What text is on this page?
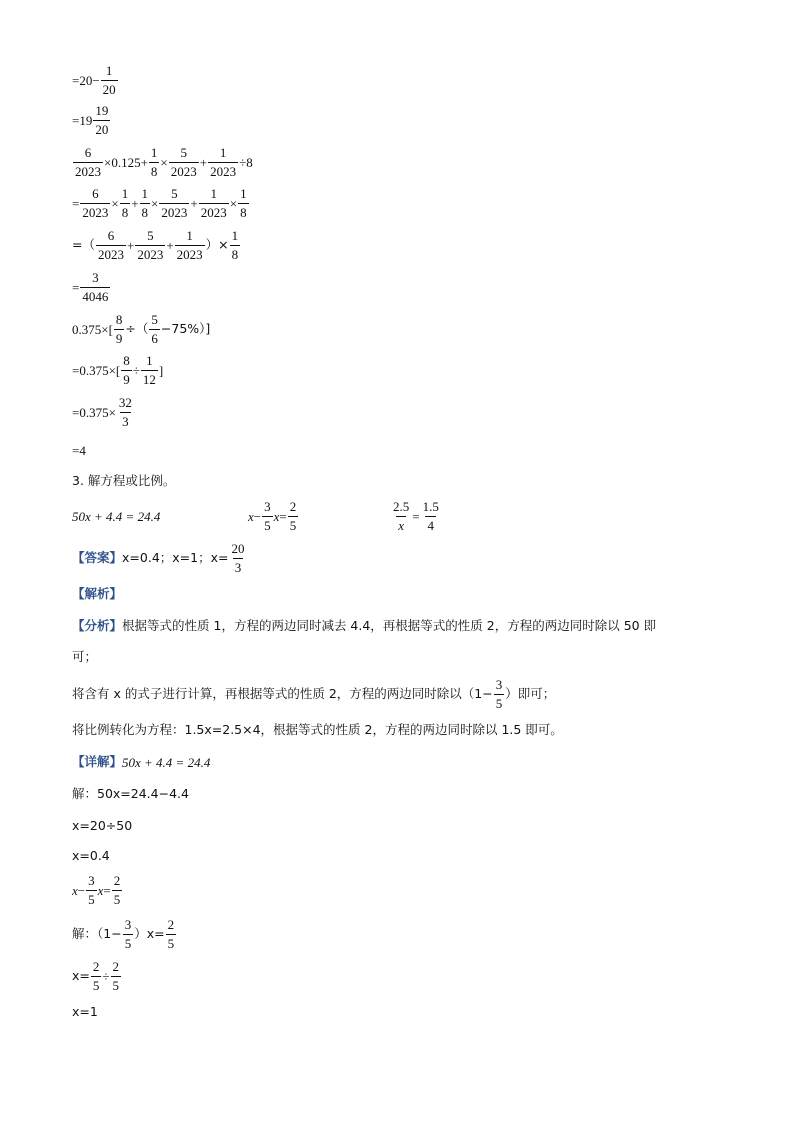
$=20- \frac{1}{20}$
=19
19
20
$\frac{6}{2023} \times 0.125+ \frac{1}{8} \times \frac{5}{2023} + \frac{1}{2023} \div 8$
= $\frac{6}{2023} \times \frac{1}{8} + \frac{1}{8} \times \frac{5}{2023} + \frac{1}{2023} \times \frac{1}{8}$
=（
6
2023
+ $\frac{5}{2023} + \frac{1}{2023}$ ）× $\frac{1}{8}$
= $\frac{3}{4046}$
$0.375\times[ \frac{8}{9}$ ÷（
5
6
−75%）]
$=0.375\times[ \frac{8}{9} \div \frac{1}{12}$ ]
$=0.375\times \frac{32}{3}$
=4
3. 解方程或比例。
50x + 4.4 = 24.4	$x - \frac{3}{5}$ $x = \frac{2}{5}$	$\frac{2.5}{x} = \frac{1.5}{4}$
【答案】 x=0.4；x=1；$x= \frac{20}{3}$
【解析】
【分析】 根据等式的性质 1，方程的两边同时减去 4.4，再根据等式的性质 2，方程的两边同时除以 50 即
可；
将含有 x 的式子进行计算，再根据等式的性质 2，方程的两边同时除以（$1- \frac{3}{5}$ ）即可；
将比例转化为方程：1.5x=2.5×4，根据等式的性质 2，方程的两边同时除以 1.5 即可。
【详解】 50x + 4.4 = 24.4
解：50x=24.4−4.4
x=20÷50
x=0.4
$x - \frac{3}{5}$ $x = \frac{2}{5}$
解：$(1- \frac{3}{5} )x= \frac{2}{5}$
$x= \frac{2}{5} \div \frac{2}{5}$
x=1
